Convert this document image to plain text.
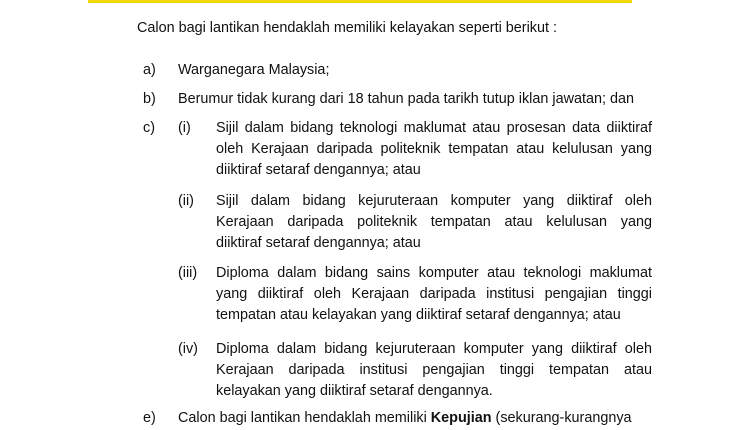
Calon bagi lantikan hendaklah memiliki kelayakan seperti berikut :
a) Warganegara Malaysia;
b) Berumur tidak kurang dari 18 tahun pada tarikh tutup iklan jawatan; dan
c) (i) Sijil dalam bidang teknologi maklumat atau prosesan data diiktiraf
oleh Kerajaan daripada politeknik tempatan atau kelulusan yang
diiktiraf setaraf dengannya; atau
(ii) Sijil dalam bidang kejuruteraan komputer yang diiktiraf oleh
Kerajaan daripada politeknik tempatan atau kelulusan yang
diiktiraf setaraf dengannya; atau
(iii) Diploma dalam bidang sains komputer atau teknologi maklumat
yang diiktiraf oleh Kerajaan daripada institusi pengajian tinggi
tempatan atau kelayakan yang diiktiraf setaraf dengannya; atau
(iv) Diploma dalam bidang kejuruteraan komputer yang diiktiraf oleh
Kerajaan daripada institusi pengajian tinggi tempatan atau
kelayakan yang diiktiraf setaraf dengannya.
e) Calon bagi lantikan hendaklah memiliki Kepujian (sekurang-kurangnya
